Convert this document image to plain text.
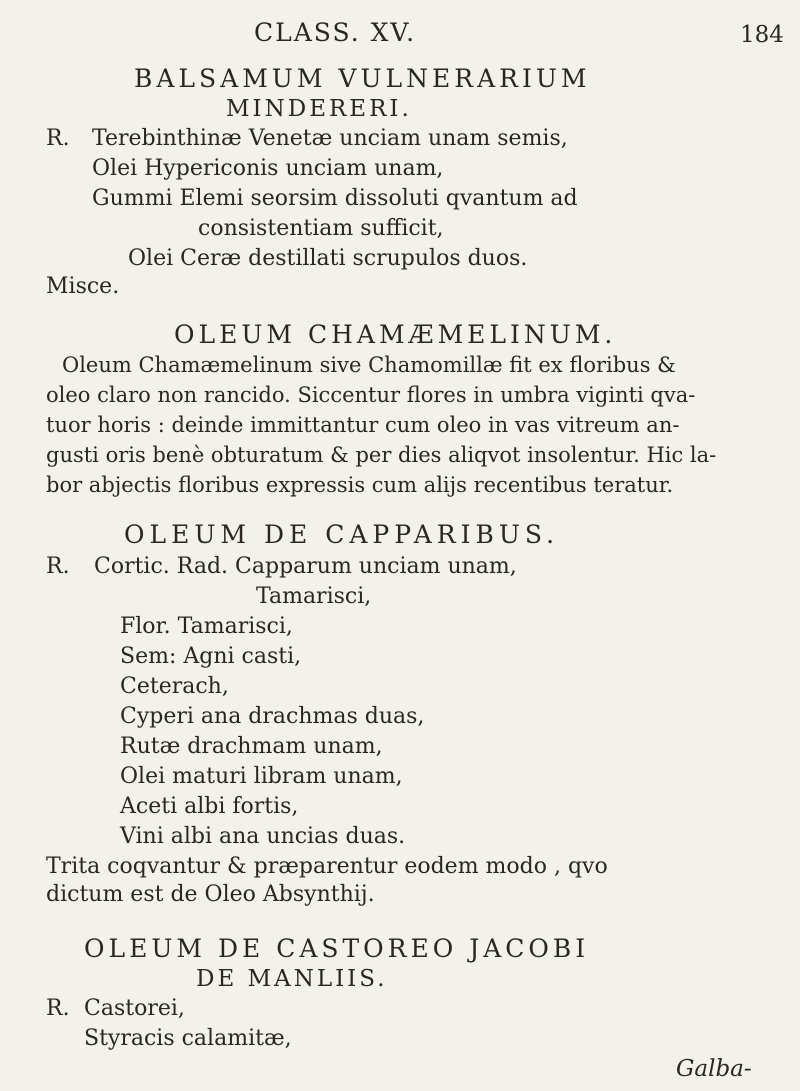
CLASS. XV.	184
BALSAMUM VULNERARIUM
MINDERERI.
R. Terebinthinæ Venetæ unciam unam semis,
Olei Hypericonis unciam unam,
Gummi Elemi seorsim dissoluti qvantum ad
consistentiam sufficit,
Olei Ceræ destillati scrupulos duos.
Misce.
OLEUM CHAMÆMELINUM.
Oleum Chamæmelinum sive Chamomillæ fit ex floribus &
oleo claro non rancido. Siccentur flores in umbra viginti qva-
tuor horis : deinde immittantur cum oleo in vas vitreum an-
gusti oris benè obturatum & per dies aliqvot insolentur. Hic la-
bor abjectis floribus expressis cum alijs recentibus teratur.
OLEUM DE CAPPARIBUS.
R. Cortic. Rad. Capparum unciam unam,
Tamarisci,
Flor. Tamarisci,
Sem: Agni casti,
Ceterach,
Cyperi ana drachmas duas,
Rutæ drachmam unam,
Olei maturi libram unam,
Aceti albi fortis,
Vini albi ana uncias duas.
Trita coqvantur & præparentur eodem modo , qvo
dictum est de Oleo Absynthij.
OLEUM DE CASTOREO JACOBI
DE MANLIIS.
R. Castorei,
Styracis calamitæ,
Galba-
